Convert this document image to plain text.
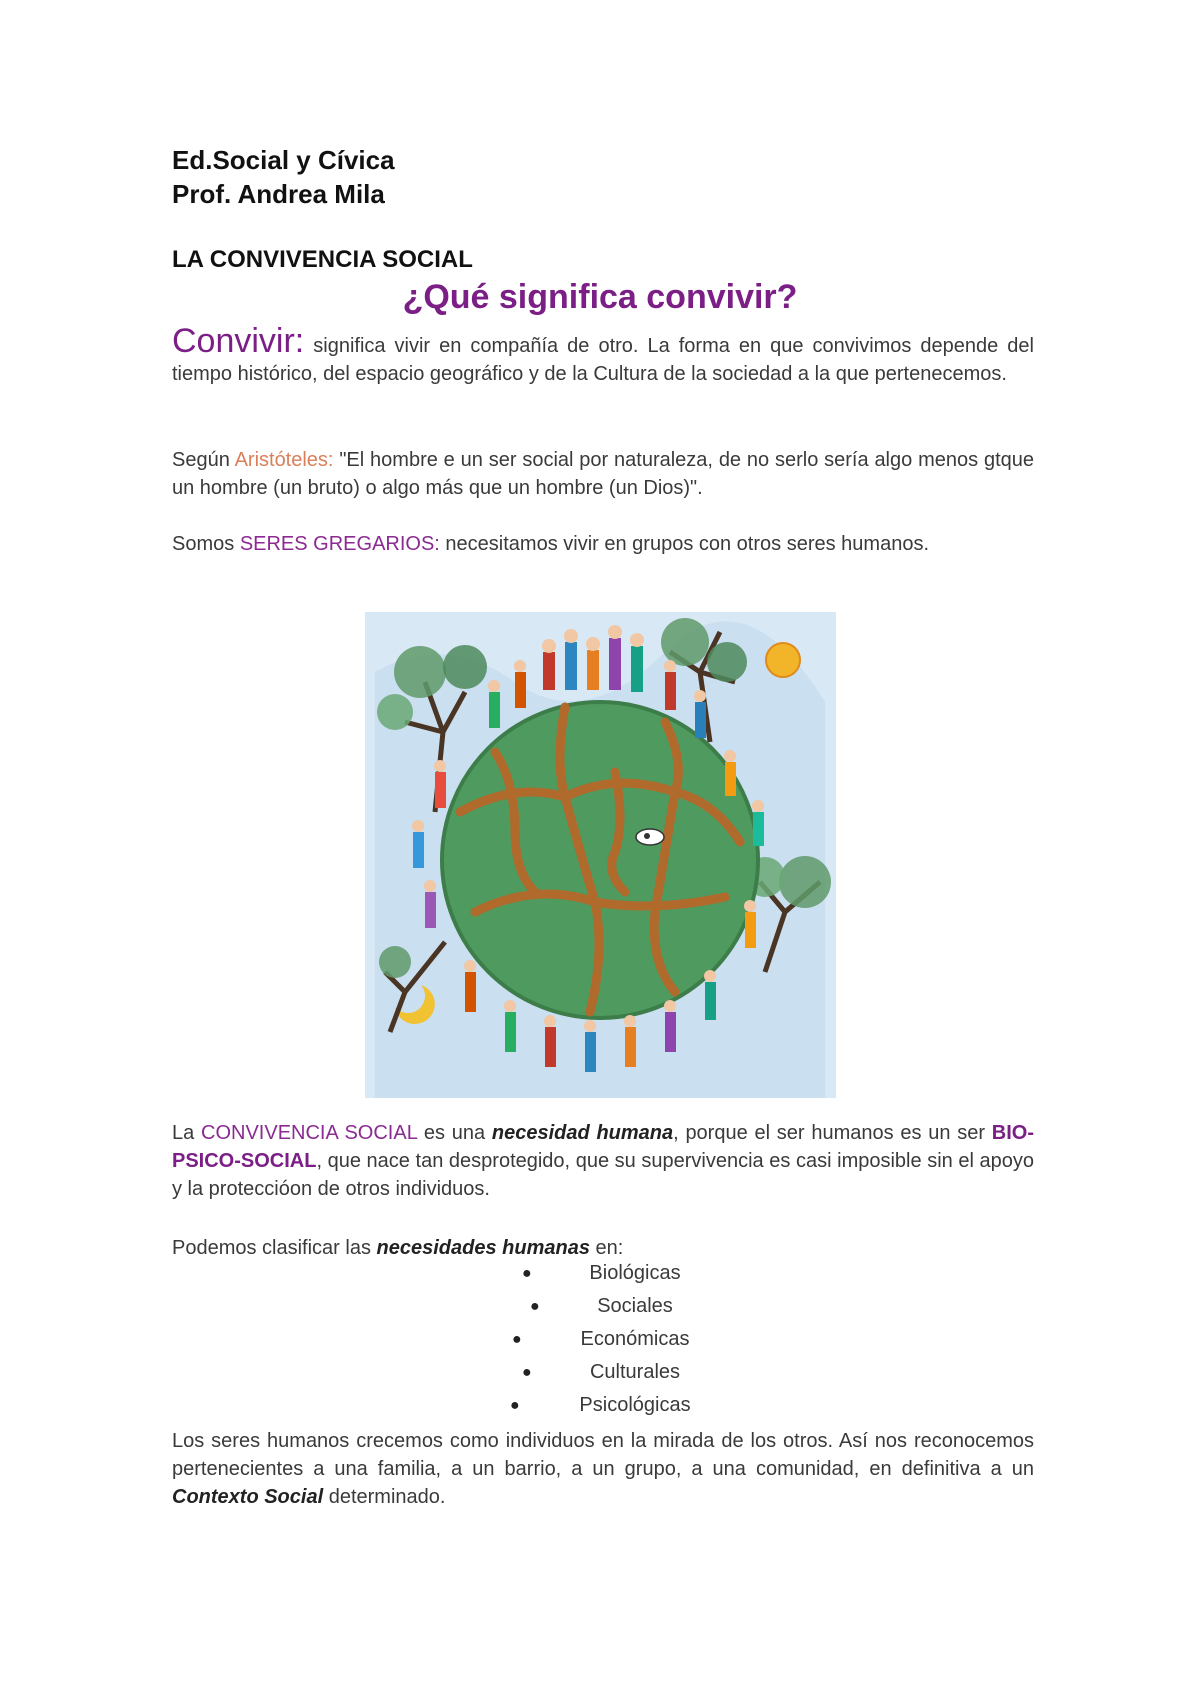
Ed.Social y Cívica
Prof. Andrea Mila
LA CONVIVENCIA SOCIAL
¿Qué significa convivir?

Convivir: significa vivir en compañía de otro. La forma en que convivimos depende del tiempo histórico, del espacio geográfico y de la Cultura de la sociedad a la que pertenecemos.

Según Aristóteles: "El hombre e un ser social por naturaleza, de no serlo sería algo menos gtque un hombre (un bruto) o algo más que un hombre (un Dios)".

Somos SERES GREGARIOS: necesitamos vivir en grupos con otros seres humanos.

La CONVIVENCIA SOCIAL es una necesidad humana, porque el ser humanos es un ser BIO-PSICO-SOCIAL, que nace tan desprotegido, que su supervivencia es casi imposible sin el apoyo y la proteccióon de otros individuos.

Podemos clasificar las necesidades humanas en:

●	Biológicas
●	Sociales
●	Económicas
●	Culturales
●	Psicológicas

Los seres humanos crecemos como individuos en la mirada de los otros. Así nos reconocemos pertenecientes a una familia, a un barrio, a un grupo, a una comunidad, en definitiva a un Contexto Social determinado.
